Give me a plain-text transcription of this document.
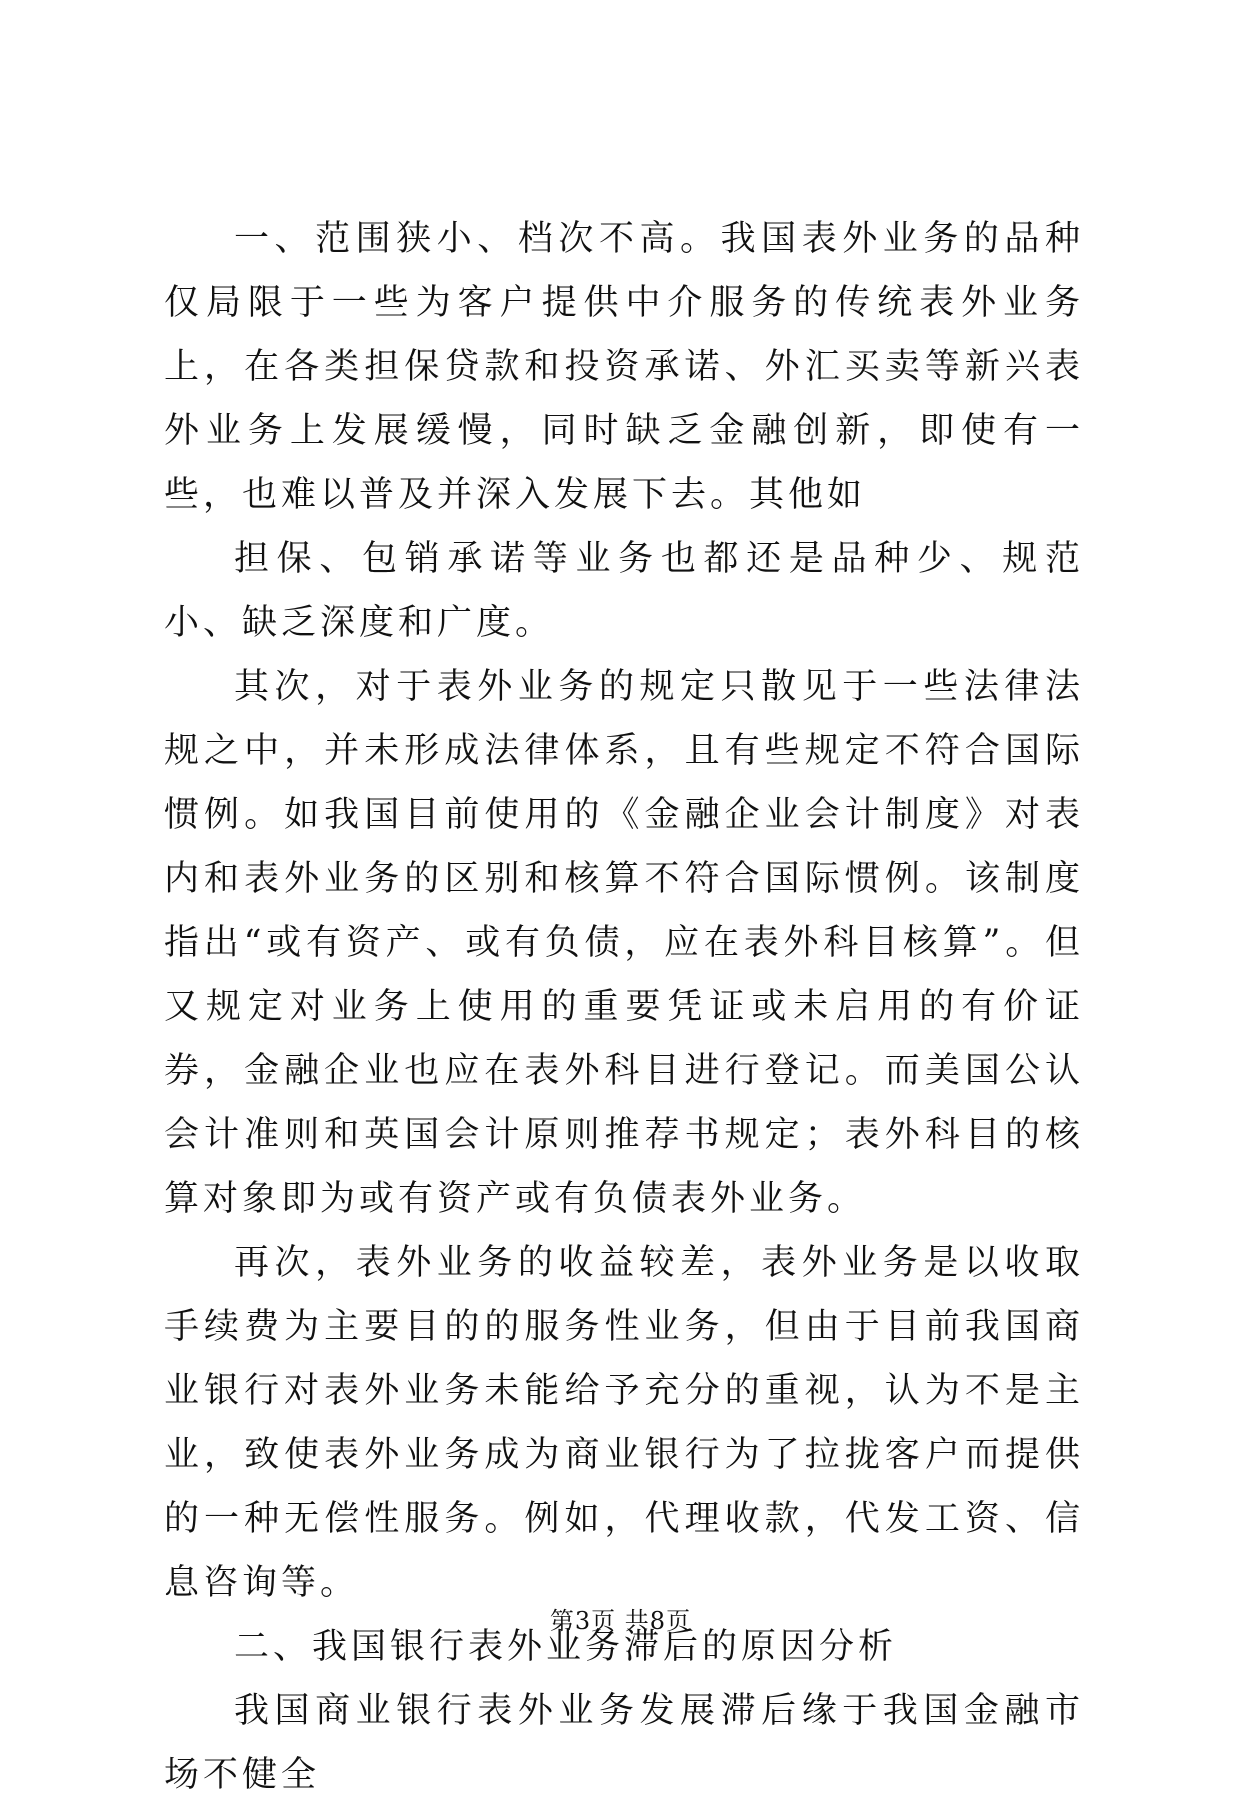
一、范围狭小、档次不高。我国表外业务的品种仅局限于一些为客户提供中介服务的传统表外业务上，在各类担保贷款和投资承诺、外汇买卖等新兴表外业务上发展缓慢，同时缺乏金融创新，即使有一些，也难以普及并深入发展下去。其他如

担保、包销承诺等业务也都还是品种少、规范小、缺乏深度和广度。

其次，对于表外业务的规定只散见于一些法律法规之中，并未形成法律体系，且有些规定不符合国际惯例。如我国目前使用的《金融企业会计制度》对表内和表外业务的区别和核算不符合国际惯例。该制度指出“或有资产、或有负债，应在表外科目核算”。但又规定对业务上使用的重要凭证或未启用的有价证券，金融企业也应在表外科目进行登记。而美国公认会计准则和英国会计原则推荐书规定；表外科目的核算对象即为或有资产或有负债表外业务。

再次，表外业务的收益较差，表外业务是以收取手续费为主要目的的服务性业务，但由于目前我国商业银行对表外业务未能给予充分的重视，认为不是主业，致使表外业务成为商业银行为了拉拢客户而提供的一种无偿性服务。例如，代理收款，代发工资、信息咨询等。

二、我国银行表外业务滞后的原因分析

我国商业银行表外业务发展滞后缘于我国金融市场不健全

第3页 共8页
